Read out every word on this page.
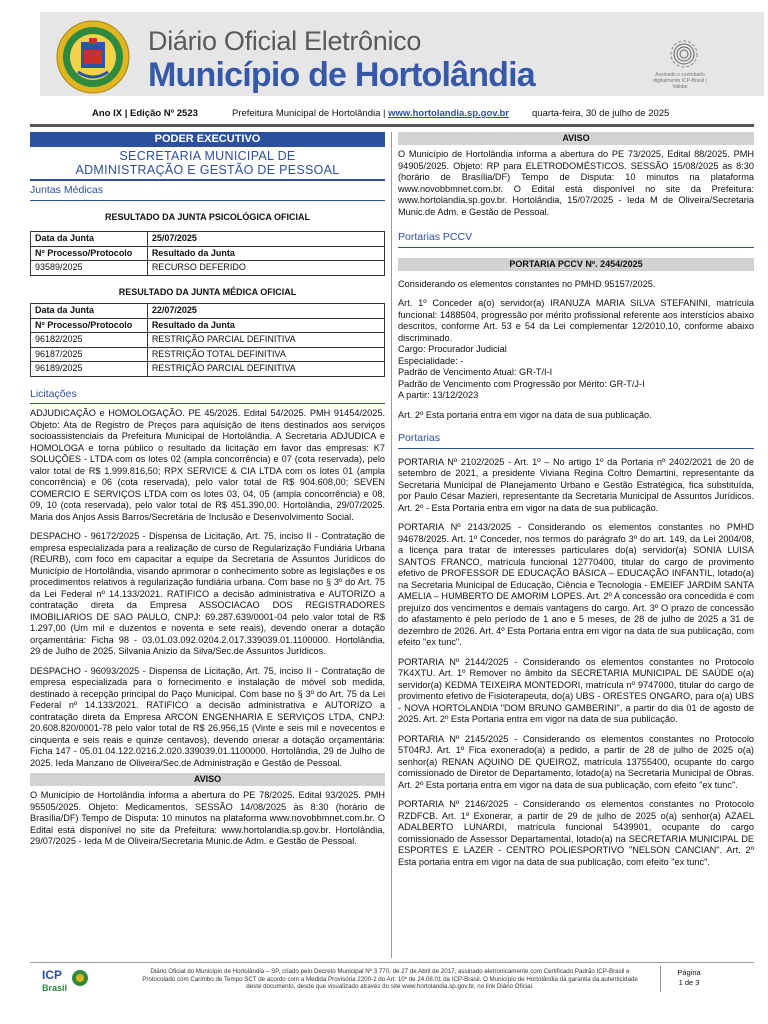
Diário Oficial Eletrônico
Município de Hortolândia	Assinado e carimbado digitalmente ICP-Brasil | Validar
Ano IX | Edição Nº 2523	Prefeitura Municipal de Hortolândia | www.hortolandia.sp.gov.br quarta-feira, 30 de julho de 2025
PODER EXECUTIVO
SECRETARIA MUNICIPAL DE
ADMINISTRAÇÃO E GESTÃO DE PESSOAL
Juntas Médicas
RESULTADO DA JUNTA PSICOLÓGICA OFICIAL
Data da Junta	25/07/2025
Nº Processo/Protocolo	Resultado da Junta
93589/2025	RECURSO DEFERIDO
RESULTADO DA JUNTA MÉDICA OFICIAL
Data da Junta	22/07/2025
Nº Processo/Protocolo	Resultado da Junta
96182/2025	RESTRIÇÃO PARCIAL DEFINITIVA
96187/2025	RESTRIÇÃO TOTAL DEFINITIVA
96189/2025	RESTRIÇÃO PARCIAL DEFINITIVA
Licitações

ADJUDICAÇÃO e HOMOLOGAÇÃO. PE 45/2025. Edital 54/2025. PMH 91454/2025. Objeto: Ata de Registro de Preços para aquisição de itens destinados aos serviços socioassistenciais da Prefeitura Municipal de Hortolândia. A Secretaria ADJUDICA e HOMOLOGA e torna público o resultado da licitação em favor das empresas: K7 SOLUÇÕES - LTDA com os lotes 02 (ampla concorrência) e 07 (cota reservada), pelo valor total de R$ 1.999.816,50; RPX SERVICE & CIA LTDA com os lotes 01 (ampla concorrência) e 06 (cota reservada), pelo valor total de R$ 904.608,00; SEVEN COMERCIO E SERVIÇOS LTDA com os lotes 03, 04, 05 (ampla concorrência) e 08, 09, 10 (cota reservada), pelo valor total de R$ 451.390,00. Hortolândia, 29/07/2025. Maria dos Anjos Assis Barros/Secretária de Inclusão e Desenvolvimento Social.

DESPACHO - 96172/2025 - Dispensa de Licitação, Art. 75, inciso II - Contratação de empresa especializada para a realização de curso de Regularização Fundiária Urbana (REURB), com foco em capacitar a equipe da Secretaria de Assuntos Jurídicos do Município de Hortolândia, visando aprimorar o conhecimento sobre as legislações e os procedimentos relativos à regularização fundiária urbana. Com base no § 3º do Art. 75 da Lei Federal nº 14.133/2021. RATIFICO a decisão administrativa e AUTORIZO a contratação direta da Empresa ASSOCIACAO DOS REGISTRADORES IMOBILIARIOS DE SAO PAULO, CNPJ: 69.287.639/0001-04 pelo valor total de R$ 1.297,00 (Um mil e duzentos e noventa e sete reais), devendo onerar a dotação orçamentária: Ficha 98 - 03.01.03.092.0204.2.017.339039.01.1100000. Hortolândia, 29 de Julho de 2025. Silvania Anizio da Silva/Sec.de Assuntos Jurídicos.

DESPACHO - 96093/2025 - Dispensa de Licitação, Art. 75, inciso II - Contratação de empresa especializada para o fornecimento e instalação de móvel sob medida, destinado à recepção principal do Paço Municipal. Com base no § 3º do Art. 75 da Lei Federal nº 14.133/2021. RATIFICO a decisão administrativa e AUTORIZO a contratação direta da Empresa ARCON ENGENHARIA E SERVIÇOS LTDA, CNPJ: 20.608.820/0001-78 pelo valor total de R$ 26.956,15 (Vinte e seis mil e novecentos e cinquenta e seis reais e quinze centavos), devendo onerar a dotação orçamentária: Ficha 147 - 05.01.04.122.0216.2.020.339039.01.1100000. Hortolândia, 29 de Julho de 2025. Ieda Manzano de Oliveira/Sec.de Administração e Gestão de Pessoal.

AVISO

O Município de Hortolândia informa a abertura do PE 78/2025. Edital 93/2025. PMH 95505/2025. Objeto: Medicamentos. SESSÃO 14/08/2025 às 8:30 (horário de Brasília/DF) Tempo de Disputa: 10 minutos na plataforma www.novobbmnet.com.br. O Edital está disponível no site da Prefeitura: www.hortolandia.sp.gov.br. Hortolândia, 29/07/2025 - Ieda M de Oliveira/Secretaria Munic.de Adm. e Gestão de Pessoal.

AVISO

O Município de Hortolândia informa a abertura do PE 73/2025, Edital 88/2025. PMH 94905/2025. Objeto: RP para ELETRODOMÉSTICOS. SESSÃO 15/08/2025 às 8:30 (horário de Brasília/DF) Tempo de Disputa: 10 minutos na plataforma www.novobbmnet.com.br. O Edital está disponível no site da Prefeitura: www.hortolandia.sp.gov.br. Hortolândia, 15/07/2025 - Ieda M de Oliveira/Secretaria Munic.de Adm. e Gestão de Pessoal.

Portarias PCCV
PORTARIA PCCV Nº. 2454/2025

Considerando os elementos constantes no PMHD 95157/2025.

Art. 1º Conceder a(o) servidor(a) IRANUZA MARIA SILVA STEFANINI, matrícula funcional: 1488504, progressão por mérito profissional referente aos interstícios abaixo descritos, conforme Art. 53 e 54 da Lei complementar 12/2010.10, conforme abaixo discriminado.

Cargo: Procurador Judicial
Especialidade: -
Padrão de Vencimento Atual: GR-T/I-I
Padrão de Vencimento com Progressão por Mérito: GR-T/J-I
A partir: 13/12/2023

Art. 2º Esta portaria entra em vigor na data de sua publicação.

Portarias

PORTARIA Nº 2102/2025 - Art. 1º – No artigo 1º da Portaria nº 2402/2021 de 20 de setembro de 2021, a presidente Viviana Regina Coltro Demartini, representante da Secretaria Municipal de Planejamento Urbano e Gestão Estratégica, fica substituída, por Paulo César Mazieri, representante da Secretaria Municipal de Assuntos Jurídicos. Art. 2º - Esta Portaria entra em vigor na data de sua publicação.

PORTARIA Nº 2143/2025 - Considerando os elementos constantes no PMHD 94678/2025. Art. 1º Conceder, nos termos do parágrafo 3º do art. 149, da Lei 2004/08, a licença para tratar de interesses particulares do(a) servidor(a) SONIA LUISA SANTOS FRANCO, matrícula funcional 12770400, titular do cargo de provimento efetivo de PROFESSOR DE EDUCAÇÃO BÁSICA – EDUCAÇÃO INFANTIL, lotado(a) na Secretaria Municipal de Educação, Ciência e Tecnologia - EMEIEF JARDIM SANTA AMELIA – HUMBERTO DE AMORIM LOPES. Art. 2º A concessão ora concedida é com prejuízo dos vencimentos e demais vantagens do cargo. Art. 3º O prazo de concessão do afastamento é pelo período de 1 ano e 5 meses, de 28 de julho de 2025 a 31 de dezembro de 2026. Art. 4º Esta Portaria entra em vigor na data de sua publicação, com efeito "ex tunc".

PORTARIA Nº 2144/2025 - Considerando os elementos constantes no Protocolo 7K4XTU. Art. 1º Remover no âmbito da SECRETARIA MUNICIPAL DE SAÚDE o(a) servidor(a) KEDMA TEIXEIRA MONTEDORI, matrícula nº 9747000, titular do cargo de provimento efetivo de Fisioterapeuta, do(a) UBS - ORESTES ONGARO, para o(a) UBS - NOVA HORTOLANDIA "DOM BRUNO GAMBERINI", a partir do dia 01 de agosto de 2025. Art. 2º Esta Portaria entra em vigor na data de sua publicação.

PORTARIA Nº 2145/2025 - Considerando os elementos constantes no Protocolo 5T04RJ. Art. 1º Fica exonerado(a) a pedido, a partir de 28 de julho de 2025 o(a) senhor(a) RENAN AQUINO DE QUEIROZ, matrícula 13755400, ocupante do cargo comissionado de Diretor de Departamento, lotado(a) na Secretaria Municipal de Obras. Art. 2º Esta portaria entra em vigor na data de sua publicação, com efeito "ex tunc".

PORTARIA Nº 2146/2025 - Considerando os elementos constantes no Protocolo RZDFCB. Art. 1º Exonerar, a partir de 29 de julho de 2025 o(a) senhor(a) AZAEL ADALBERTO LUNARDI, matrícula funcional 5439901, ocupante do cargo comissionado de Assessor Departamental, lotado(a) na SECRETARIA MUNICIPAL DE ESPORTES E LAZER - CENTRO POLIESPORTIVO "NELSON CANCIAN". Art. 2º Esta portaria entra em vigor na data de sua publicação, com efeito "ex tunc".

ICP
Brasil
Diário Oficial do Município de Hortolândia – SP, criado pelo Decreto Municipal Nº 3.770, de 27 de Abril de 2017, assinado eletronicamente com Certificado Padrão ICP-Brasil e Protocolado com Carimbo de Tempo SCT de acordo com a Medida Provisória 2200-2 do Art. 10º de 24.08.01 da ICP-Brasil. O Município de Hortolândia dá garantia da autenticidade deste documento, desde que visualizado através do site www.hortolandia.sp.gov.br, no link Diário Oficial.
Página
1 de 3
